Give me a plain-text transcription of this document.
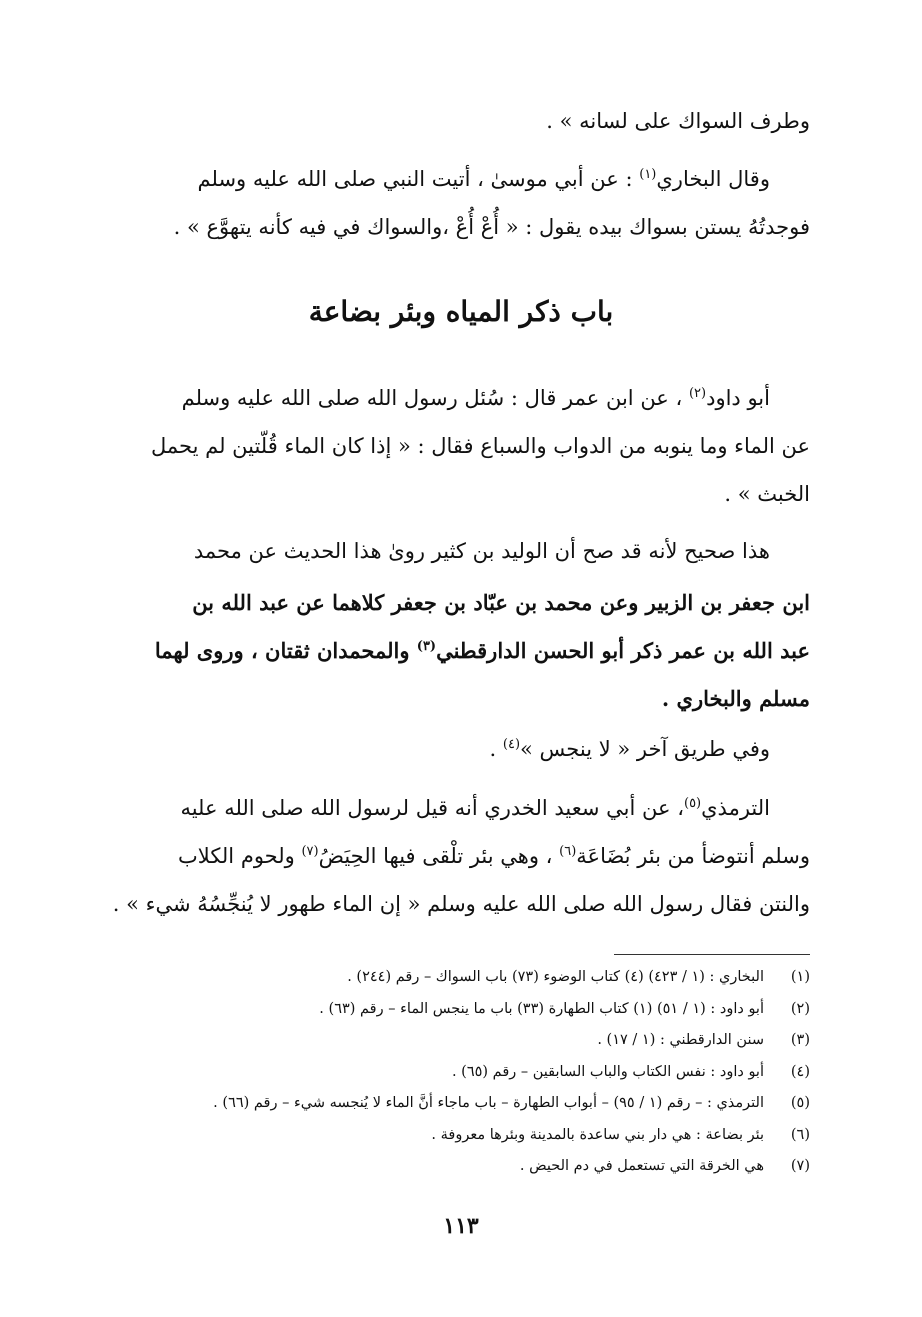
وطرف السواك على لسانه » .

وقال البخاري$^{(١)}$ : عن أبي موسىٰ ، أتيت النبي صلى الله عليه وسلم
فوجدتُهُ يستن بسواك بيده يقول : « أُعْ أُعْ ،والسواك في فيه كأنه يتهوَّع » .

باب ذكر المياه وبئر بضاعة

أبو داود$^{(٢)}$ ، عن ابن عمر قال : سُئل رسول الله صلى الله عليه وسلم
عن الماء وما ينوبه من الدواب والسباع فقال : « إذا كان الماء قُلّتين لم يحمل
الخبث » .

هذا صحيح لأنه قد صح أن الوليد بن كثير روىٰ هذا الحديث عن محمد

ابن جعفر بن الزبير وعن محمد بن عبّاد بن جعفر كلاهما عن عبد الله بن
عبد الله بن عمر ذكر أبو الحسن الدارقطني$^{(٣)}$ والمحمدان ثقتان ، وروى لهما
مسلم والبخاري .

وفي طريق آخر « لا ينجس »$^{(٤)}$ .

الترمذي$^{(٥)}$، عن أبي سعيد الخدري أنه قيل لرسول الله صلى الله عليه
وسلم أنتوضأ من بئر بُضَاعَة$^{(٦)}$ ، وهي بئر تلْقى فيها الحِيَضُ$^{(٧)}$ ولحوم الكلاب
والنتن فقال رسول الله صلى الله عليه وسلم « إن الماء طهور لا يُنجِّسُهُ شيء » .

(١)
البخاري : (١ / ٤٢٣) (٤) كتاب الوضوء (٧٣) باب السواك – رقم (٢٤٤) .
(٢)
أبو داود : (١ / ٥١) (١) كتاب الطهارة (٣٣) باب ما ينجس الماء – رقم (٦٣) .
(٣)
سنن الدارقطني : (١ / ١٧) .
(٤)
أبو داود : نفس الكتاب والباب السابقين – رقم (٦٥) .
(٥)
الترمذي : – رقم (١ / ٩٥) – أبواب الطهارة – باب ماجاء أنَّ الماء لا يُنجسه شيء – رقم (٦٦) .
(٦)
بئر بضاعة : هي دار بني ساعدة بالمدينة وبئرها معروفة .
(٧)
هي الخرقة التي تستعمل في دم الحيض .
١١٣
